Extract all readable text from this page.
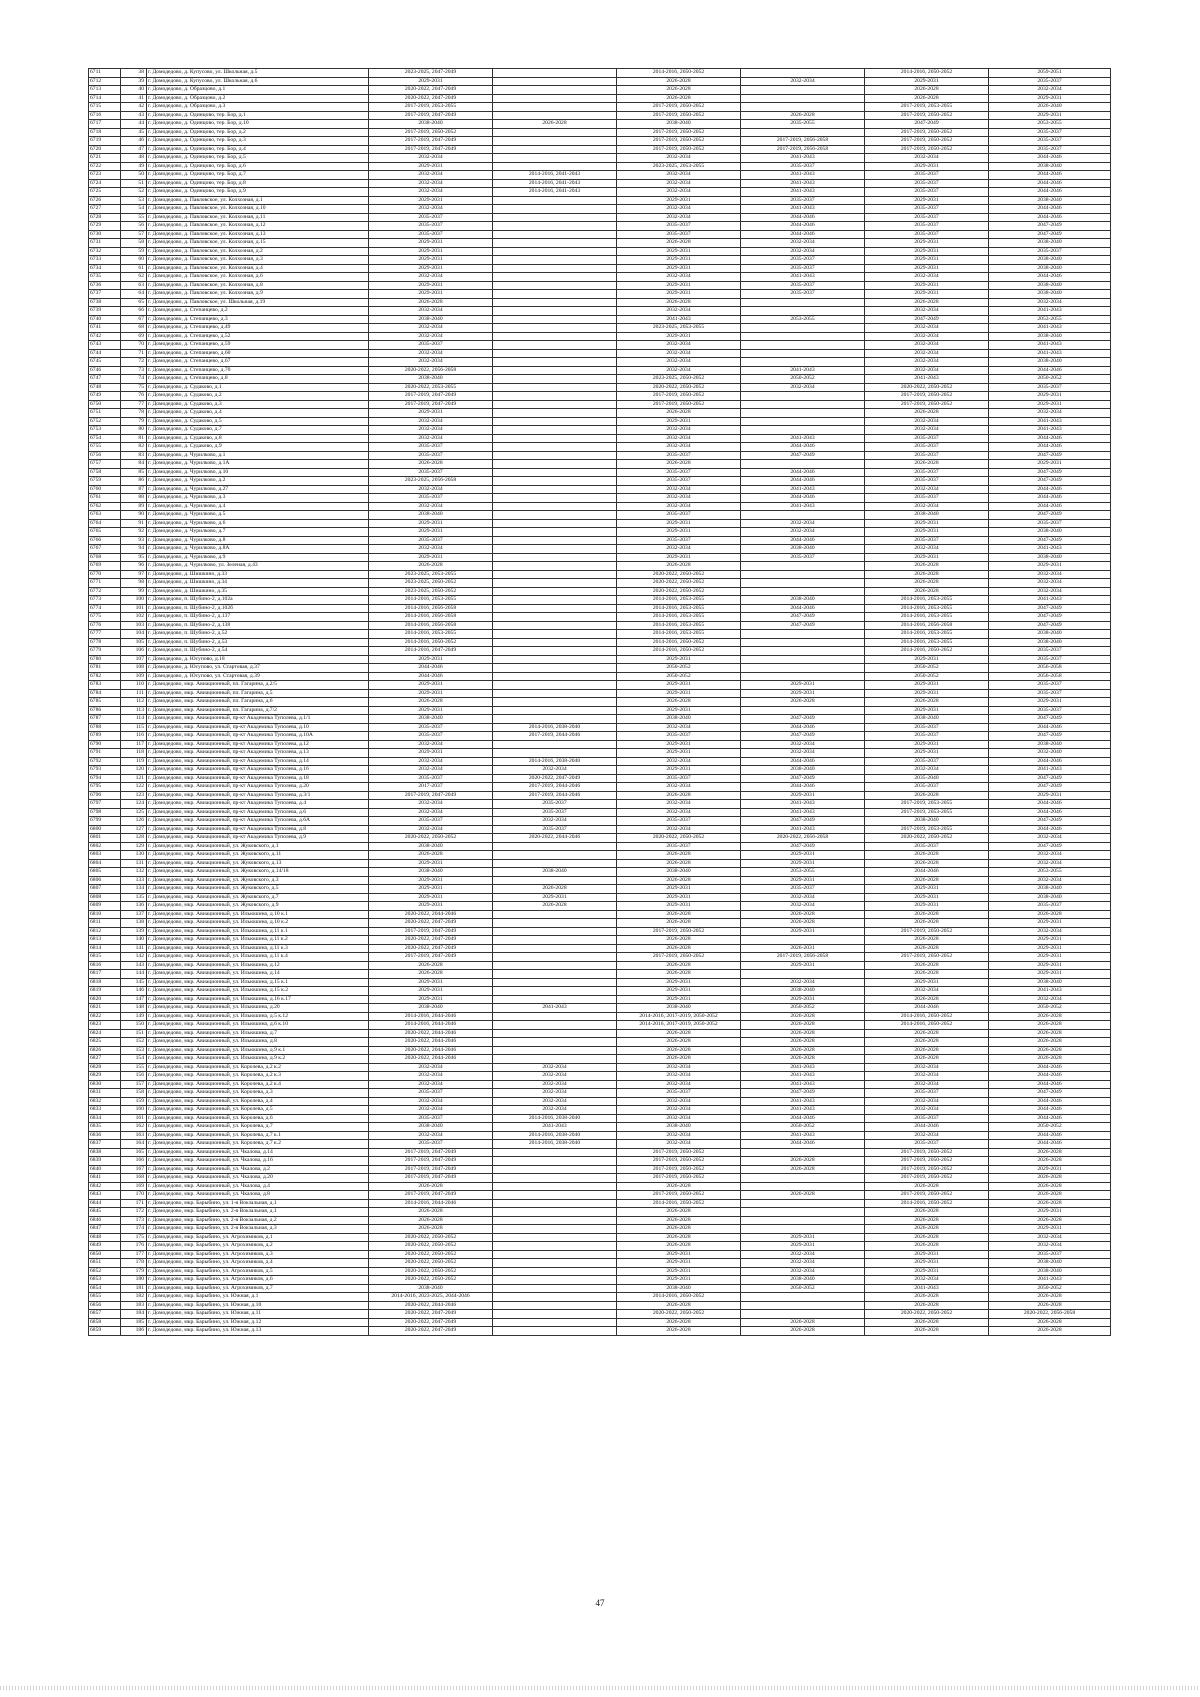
6711	38	г. Домодедово, д. Купусово, ул. Школьная, д.5	2023-2025, 2047-2049		2014-2016, 2050-2052		2014-2016, 2050-2052	2059-2051
6712	39	г. Домодедово, д. Купусово, ул. Школьная, д.6	2029-2031		2026-2028	2032-2034	2029-2031	2035-2037
6713	40	г. Домодедово, д. Образцово, д.1	2020-2022, 2047-2049		2026-2028		2026-2028	2032-2034
6714	41	г. Домодедово, д. Образцово, д.2	2020-2022, 2047-2049		2026-2028		2026-2028	2029-2031
6715	42	г. Домодедово, д. Образцово, д.3	2017-2019, 2053-2055		2017-2019, 2050-2052		2017-2019, 2053-2055	2026-2040
6716	43	г. Домодедово, д. Одинцово, тер. Бор, д.1	2017-2019, 2047-2049		2017-2019, 2050-2052	2026-2028	2017-2019, 2050-2052	2029-2031
6717	44	г. Домодедово, д. Одинцово, тер. Бор, д.10	2038-2040	2026-2028	2038-2040	2035-2055	2047-2049	2053-2055
6718	45	г. Домодедово, д. Одинцово, тер. Бор, д.2	2017-2019, 2050-2052		2017-2019, 2050-2052		2017-2019, 2050-2052	2035-2037
6719	46	г. Домодедово, д. Одинцово, тер. Бор, д.3	2017-2019, 2047-2049		2017-2019, 2050-2052	2017-2019, 2056-2058	2017-2019, 2050-2052	2035-2037
6720	47	г. Домодедово, д. Одинцово, тер. Бор, д.4	2017-2019, 2047-2049		2017-2019, 2050-2052	2017-2019, 2056-2058	2017-2019, 2050-2052	2035-2037
6721	48	г. Домодедово, д. Одинцово, тер. Бор, д.5	2032-2034		2032-2034	2041-2043	2032-2034	2044-2046
6722	49	г. Домодедово, д. Одинцово, тер. Бор, д.6	2029-2031		2023-2025, 2053-2055	2035-2037	2029-2031	2038-2040
6723	50	г. Домодедово, д. Одинцово, тер. Бор, д.7	2032-2034	2014-2016, 2041-2043	2032-2034	2041-2043	2035-2037	2044-2046
6724	51	г. Домодедово, д. Одинцово, тер. Бор, д.8	2032-2034	2014-2016, 2041-2043	2032-2034	2041-2043	2035-2037	2044-2046
6725	52	г. Домодедово, д. Одинцово, тер. Бор, д.9	2032-2034	2014-2016, 2041-2043	2032-2034	2041-2043	2035-2037	2044-2046
6726	53	г. Домодедово, д. Павловское, ул. Колхозная, д.1	2029-2031		2029-2031	2035-2037	2029-2031	2038-2040
6727	54	г. Домодедово, д. Павловское, ул. Колхозная, д.10	2032-2034		2032-2034	2041-2043	2035-2037	2044-2046
6728	55	г. Домодедово, д. Павловское, ул. Колхозная, д.11	2035-2037		2032-2034	2044-2046	2035-2037	2044-2046
6729	56	г. Домодедово, д. Павловское, ул. Колхозная, д.12	2035-2037		2035-2037	2044-2046	2035-2037	2047-2049
6730	57	г. Домодедово, д. Павловское, ул. Колхозная, д.13	2035-2037		2035-2037	2044-2046	2035-2037	2047-2049
6731	58	г. Домодедово, д. Павловское, ул. Колхозная, д.15	2029-2031		2026-2028	2032-2034	2029-2031	2038-2040
6732	59	г. Домодедово, д. Павловское, ул. Колхозная, д.2	2029-2031		2029-2031	2032-2034	2029-2031	2035-2037
6733	60	г. Домодедово, д. Павловское, ул. Колхозная, д.3	2029-2031		2029-2031	2035-2037	2029-2031	2038-2040
6734	61	г. Домодедово, д. Павловское, ул. Колхозная, д.4	2029-2031		2029-2031	2035-2037	2029-2031	2038-2040
6735	62	г. Домодедово, д. Павловское, ул. Колхозная, д.6	2032-2034		2032-2034	2041-2043	2032-2034	2044-2046
6736	63	г. Домодедово, д. Павловское, ул. Колхозная, д.8	2029-2031		2029-2031	2035-2037	2029-2031	2038-2040
6737	64	г. Домодедово, д. Павловское, ул. Колхозная, д.9	2029-2031		2029-2031	2035-2037	2029-2031	2038-2040
6738	65	г. Домодедово, д. Павловское, ул. Школьная, д.19	2026-2028		2026-2028		2026-2028	2032-2034
6739	66	г. Домодедово, д. Степанцево, д.2	2032-2034		2032-2034		2032-2034	2041-2043
6740	67	г. Домодедово, д. Степанцево, д.3	2038-2040		2041-2043	2053-2055	2047-2049	2053-2055
6741	68	г. Домодедово, д. Степанцево, д.49	2032-2034		2023-2025, 2053-2055		2032-2034	2041-2043
6742	69	г. Домодедово, д. Степанцево, д.52	2032-2034		2029-2031		2032-2034	2038-2040
6743	70	г. Домодедово, д. Степанцево, д.59	2035-2037		2032-2034		2032-2034	2041-2043
6744	71	г. Домодедово, д. Степанцево, д.60	2032-2034		2032-2034		2032-2034	2041-2043
6745	72	г. Домодедово, д. Степанцево, д.67	2032-2034		2032-2034		2032-2034	2038-2040
6746	73	г. Домодедово, д. Степанцево, д.70	2020-2022, 2056-2058		2032-2034	2041-2043	2032-2034	2044-2046
6747	74	г. Домодедово, д. Степанцево, д.8	2038-2040		2023-2025, 2050-2052	2050-2052	2041-2043	2050-2052
6748	75	г. Домодедово, д. Судаково, д.1	2020-2022, 2053-2055		2020-2022, 2050-2052	2032-2034	2020-2022, 2050-2052	2035-2037
6749	76	г. Домодедово, д. Судаково, д.2	2017-2019, 2047-2049		2017-2019, 2050-2052		2017-2019, 2050-2052	2029-2031
6750	77	г. Домодедово, д. Судаково, д.3	2017-2019, 2047-2049		2017-2019, 2050-2052		2017-2019, 2050-2052	2029-2031
6751	78	г. Домодедово, д. Судаково, д.4	2029-2031		2026-2028		2026-2028	2032-2034
6752	79	г. Домодедово, д. Судаково, д.5	2032-2034		2029-2031		2032-2034	2041-2043
6753	80	г. Домодедово, д. Судаково, д.7	2032-2034		2032-2034		2032-2034	2041-2043
6754	81	г. Домодедово, д. Судаково, д.8	2032-2034		2032-2034	2041-2043	2035-2037	2044-2046
6755	82	г. Домодедово, д. Судаково, д.9	2035-2037		2032-2034	2044-2046	2035-2037	2044-2046
6756	83	г. Домодедово, д. Чурилково, д.1	2035-2037		2035-2037	2047-2049	2035-2037	2047-2049
6757	84	г. Домодедово, д. Чурилково, д.1А	2026-2028		2026-2028		2026-2028	2029-2031
6758	85	г. Домодедово, д. Чурилково, д.10	2035-2037		2035-2037	2044-2046	2035-2037	2047-2049
6759	86	г. Домодедово, д. Чурилково, д.2	2023-2025, 2056-2058		2035-2037	2044-2046	2035-2037	2047-2049
6760	87	г. Домодедово, д. Чурилково, д.27	2032-2034		2032-2034	2041-2043	2032-2034	2044-2046
6761	88	г. Домодедово, д. Чурилково, д.3	2035-2037		2032-2034	2044-2046	2035-2037	2044-2046
6762	89	г. Домодедово, д. Чурилково, д.4	2032-2034		2032-2034	2041-2043	2032-2034	2044-2046
6763	90	г. Домодедово, д. Чурилково, д.5	2038-2040		2035-2037		2038-2040	2047-2049
6764	91	г. Домодедово, д. Чурилково, д.6	2029-2031		2029-2031	2032-2034	2029-2031	2035-2037
6765	92	г. Домодедово, д. Чурилково, д.7	2029-2031		2029-2031	2032-2034	2029-2031	2038-2040
6766	93	г. Домодедово, д. Чурилково, д.8	2035-2037		2035-2037	2044-2046	2035-2037	2047-2049
6767	94	г. Домодедово, д. Чурилково, д.8А	2032-2034		2032-2034	2038-2040	2032-2034	2041-2043
6768	95	г. Домодедово, д. Чурилково, д.9	2029-2031		2029-2031	2035-2037	2029-2031	2038-2040
6769	96	г. Домодедово, д. Чурилково, ул. Зеленая, д.43	2026-2028		2026-2028		2026-2028	2029-2031
6770	97	г. Домодедово, д. Шишкино, д.33	2023-2025, 2053-2055		2020-2022, 2050-2052		2026-2028	2032-2034
6771	98	г. Домодедово, д. Шишкино, д.34	2023-2025, 2050-2052		2020-2022, 2050-2052		2026-2028	2032-2034
6772	99	г. Домодедово, д. Шишкино, д.35	2023-2025, 2050-2052		2020-2022, 2050-2052		2026-2028	2032-2034
6773	100	г. Домодедово, п. Шубино-2, д.102а	2014-2016, 2053-2055		2014-2016, 2053-2055	2038-2040	2014-2016, 2053-2055	2041-2043
6774	101	г. Домодедово, п. Шубино-2, д.102б	2014-2016, 2056-2058		2014-2016, 2053-2055	2044-2046	2014-2016, 2053-2055	2047-2049
6775	102	г. Домодедово, п. Шубино-2, д.137	2014-2016, 2056-2058		2014-2016, 2053-2055	2047-2049	2014-2016, 2053-2055	2047-2049
6776	103	г. Домодедово, п. Шубино-2, д.138	2014-2016, 2056-2058		2014-2016, 2053-2055	2047-2049	2014-2016, 2056-2058	2047-2049
6777	104	г. Домодедово, п. Шубино-2, д.52	2014-2016, 2053-2055		2014-2016, 2053-2055		2014-2016, 2053-2055	2038-2040
6778	105	г. Домодедово, п. Шубино-2, д.53	2014-2016, 2050-2052		2014-2016, 2050-2052		2014-2016, 2053-2055	2038-2040
6779	106	г. Домодедово, п. Шубино-2, д.54	2014-2016, 2047-2049		2014-2016, 2050-2052		2014-2016, 2050-2052	2035-2037
6780	107	г. Домодедово, д. Юсупово, д.18	2029-2031		2029-2031		2029-2031	2035-2037
6781	108	г. Домодедово, д. Юсупово, ул. Стартовая, д.37	2044-2046		2050-2052		2050-2052	2056-2058
6782	109	г. Домодедово, д. Юсупово, ул. Стартовая, д.39	2044-2046		2050-2052		2050-2052	2056-2058
6783	110	г. Домодедово, мкр. Авиационный, пл. Гагарина, д.2/5	2029-2031		2029-2031	2029-2031	2029-2031	2035-2037
6784	111	г. Домодедово, мкр. Авиационный, пл. Гагарина, д.5	2029-2031		2029-2031	2029-2031	2029-2031	2035-2037
6785	112	г. Домодедово, мкр. Авиационный, пл. Гагарина, д.6	2026-2028		2026-2028	2026-2028	2026-2028	2029-2031
6786	113	г. Домодедово, мкр. Авиационный, пл. Гагарина, д.7/2	2029-2031		2029-2031		2029-2031	2035-2037
6787	114	г. Домодедово, мкр. Авиационный, пр-кт Академика Туполева, д.1/1	2038-2040		2038-2040	2047-2049	2038-2040	2047-2049
6788	115	г. Домодедово, мкр. Авиационный, пр-кт Академика Туполева, д.10	2035-2037	2014-2016, 2038-2040	2032-2034	2044-2046	2035-2037	2044-2046
6789	116	г. Домодедово, мкр. Авиационный, пр-кт Академика Туполева, д.10А	2035-2037	2017-2019, 2044-2046	2035-2037	2047-2049	2035-2037	2047-2049
6790	117	г. Домодедово, мкр. Авиационный, пр-кт Академика Туполева, д.12	2032-2034		2029-2031	2032-2034	2029-2031	2038-2040
6791	118	г. Домодедово, мкр. Авиационный, пр-кт Академика Туполева, д.13	2029-2031		2029-2031	2032-2034	2029-2031	2032-2040
6792	119	г. Домодедово, мкр. Авиационный, пр-кт Академика Туполева, д.14	2032-2034	2014-2016, 2038-2040	2032-2034	2044-2046	2035-2037	2044-2046
6793	120	г. Домодедово, мкр. Авиационный, пр-кт Академика Туполева, д.16	2032-2034	2032-2034	2029-2031	2038-2040	2032-2034	2041-2043
6794	121	г. Домодедово, мкр. Авиационный, пр-кт Академика Туполева, д.18	2035-2037	2020-2022, 2047-2049	2035-2037	2047-2049	2035-2040	2047-2049
6795	122	г. Домодедово, мкр. Авиационный, пр-кт Академика Туполева, д.20	2017-2037	2017-2019, 2044-2046	2032-2034	2044-2046	2035-2037	2047-2049
6796	123	г. Домодедово, мкр. Авиационный, пр-кт Академика Туполева, д.3/1	2017-2019, 2047-2049	2017-2019, 2044-2046	2026-2028	2029-2031	2026-2028	2029-2031
6797	124	г. Домодедово, мкр. Авиационный, пр-кт Академика Туполева, д.4	2032-2034	2035-2037	2032-2034	2041-2043	2017-2019, 2053-2055	2044-2046
6798	125	г. Домодедово, мкр. Авиационный, пр-кт Академика Туполева, д.6	2032-2034	2035-2037	2032-2034	2041-2043	2017-2019, 2053-2055	2044-2046
6799	126	г. Домодедово, мкр. Авиационный, пр-кт Академика Туполева, д.6А	2035-2037	2032-2034	2035-2037	2047-2049	2038-2040	2047-2049
6800	127	г. Домодедово, мкр. Авиационный, пр-кт Академика Туполева, д.8	2032-2034	2035-2037	2032-2034	2041-2043	2017-2019, 2053-2055	2044-2046
6801	128	г. Домодедово, мкр. Авиационный, пр-кт Академика Туполева, д.9	2020-2022, 2050-2052	2020-2022, 2044-2046	2020-2022, 2050-2052	2020-2022, 2056-2058	2020-2022, 2050-2052	2032-2034
6802	129	г. Домодедово, мкр. Авиационный, ул. Жуковского, д.1	2038-2040		2035-2037	2047-2049	2035-2037	2047-2049
6803	130	г. Домодедово, мкр. Авиационный, ул. Жуковского, д.11	2026-2028		2026-2028	2029-2031	2026-2028	2032-2034
6804	131	г. Домодедово, мкр. Авиационный, ул. Жуковского, д.13	2029-2031		2026-2028	2029-2031	2026-2028	2032-2034
6805	132	г. Домодедово, мкр. Авиационный, ул. Жуковского, д.14/18	2038-2040	2038-2040	2038-2040	2053-2055	2044-2046	2053-2055
6806	133	г. Домодедово, мкр. Авиационный, ул. Жуковского, д.3	2029-2031		2026-2028	2029-2031	2026-2028	2032-2034
6807	134	г. Домодедово, мкр. Авиационный, ул. Жуковского, д.5	2029-2031	2026-2028	2029-2031	2035-2037	2029-2031	2038-2040
6808	135	г. Домодедово, мкр. Авиационный, ул. Жуковского, д.7	2029-2031	2029-2031	2029-2031	2032-2034	2029-2031	2038-2040
6809	136	г. Домодедово, мкр. Авиационный, ул. Жуковского, д.9	2029-2031	2026-2028	2029-2031	2032-2034	2029-2031	2035-2037
6810	137	г. Домодедово, мкр. Авиационный, ул. Ильюшина, д.10 к.1	2020-2022, 2044-2046		2026-2028	2026-2028	2026-2028	2026-2028
6811	138	г. Домодедово, мкр. Авиационный, ул. Ильюшина, д.10 к.2	2020-2022, 2047-2049		2026-2028	2026-2028	2026-2028	2029-2031
6812	139	г. Домодедово, мкр. Авиационный, ул. Ильюшина, д.11 к.1	2017-2019, 2047-2049		2017-2019, 2050-2052	2029-2031	2017-2019, 2050-2052	2032-2034
6813	140	г. Домодедово, мкр. Авиационный, ул. Ильюшина, д.11 к.2	2020-2022, 2047-2049		2026-2028		2026-2028	2029-2031
6814	141	г. Домодедово, мкр. Авиационный, ул. Ильюшина, д.11 к.3	2020-2022, 2047-2049		2026-2028	2026-2031	2026-2028	2029-2031
6815	142	г. Домодедово, мкр. Авиационный, ул. Ильюшина, д.11 к.4	2017-2019, 2047-2049		2017-2019, 2050-2052	2017-2019, 2056-2058	2017-2019, 2050-2052	2029-2031
6816	143	г. Домодедово, мкр. Авиационный, ул. Ильюшина, д.12	2026-2028		2026-2028	2029-2031	2026-2028	2029-2031
6817	144	г. Домодедово, мкр. Авиационный, ул. Ильюшина, д.14	2026-2028		2026-2028		2026-2028	2029-2031
6818	145	г. Домодедово, мкр. Авиационный, ул. Ильюшина, д.15 к.1	2029-2031		2029-2031	2032-2034	2029-2031	2038-2040
6819	146	г. Домодедово, мкр. Авиационный, ул. Ильюшина, д.15 к.2	2029-2031		2029-2031	2038-2040	2032-2034	2041-2043
6820	147	г. Домодедово, мкр. Авиационный, ул. Ильюшина, д.16 к.17	2029-2031		2029-2031	2029-2031	2026-2028	2032-2034
6821	148	г. Домодедово, мкр. Авиационный, ул. Ильюшина, д.20	2038-2040	2041-2043	2038-2040	2050-2052	2044-2046	2050-2052
6822	149	г. Домодедово, мкр. Авиационный, ул. Ильюшина, д.5 к.12	2014-2016, 2044-2046		2014-2016, 2017-2019, 2050-2052	2026-2028	2014-2016, 2050-2052	2026-2028
6823	150	г. Домодедово, мкр. Авиационный, ул. Ильюшина, д.6 к.10	2014-2016, 2044-2046		2014-2016, 2017-2019, 2050-2052	2026-2028	2014-2016, 2050-2052	2026-2028
6824	151	г. Домодедово, мкр. Авиационный, ул. Ильюшина, д.7	2020-2022, 2044-2046		2026-2028	2026-2028	2026-2028	2026-2028
6825	152	г. Домодедово, мкр. Авиационный, ул. Ильюшина, д.8	2020-2022, 2044-2046		2026-2028	2026-2028	2026-2028	2026-2028
6826	153	г. Домодедово, мкр. Авиационный, ул. Ильюшина, д.9 к.1	2020-2022, 2044-2046		2026-2028	2026-2028	2026-2028	2026-2028
6827	154	г. Домодедово, мкр. Авиационный, ул. Ильюшина, д.9 к.2	2020-2022, 2044-2046		2026-2028	2026-2028	2026-2028	2026-2028
6828	155	г. Домодедово, мкр. Авиационный, ул. Королева, д.2 к.2	2032-2034	2032-2034	2032-2034	2041-2043	2032-2034	2044-2046
6829	156	г. Домодедово, мкр. Авиационный, ул. Королева, д.2 к.3	2032-2034	2032-2034	2032-2034	2041-2043	2032-2034	2044-2046
6830	157	г. Домодедово, мкр. Авиационный, ул. Королева, д.2 к.4	2032-2034	2032-2034	2032-2034	2041-2043	2032-2034	2044-2046
6831	158	г. Домодедово, мкр. Авиационный, ул. Королева, д.3	2035-2037	2032-2034	2035-2037	2047-2049	2035-2037	2047-2049
6832	159	г. Домодедово, мкр. Авиационный, ул. Королева, д.4	2032-2034	2032-2034	2032-2034	2041-2043	2032-2034	2044-2046
6833	160	г. Домодедово, мкр. Авиационный, ул. Королева, д.5	2032-2034	2032-2034	2032-2034	2041-2043	2032-2034	2044-2046
6834	161	г. Домодедово, мкр. Авиационный, ул. Королева, д.6	2035-2037	2014-2016, 2038-2040	2032-2034	2044-2046	2035-2037	2044-2046
6835	162	г. Домодедово, мкр. Авиационный, ул. Королева, д.7	2038-2040	2041-2043	2038-2040	2050-2052	2044-2046	2050-2052
6836	163	г. Домодедово, мкр. Авиационный, ул. Королева, д.7 к.1	2032-2034	2014-2016, 2038-2040	2032-2034	2041-2043	2032-2034	2044-2046
6837	164	г. Домодедово, мкр. Авиационный, ул. Королева, д.7 к.2	2035-2037	2014-2016, 2038-2040	2032-2034	2044-2046	2035-2037	2044-2046
6838	165	г. Домодедово, мкр. Авиационный, ул. Чкалова, д.14	2017-2019, 2047-2049		2017-2019, 2050-2052		2017-2019, 2050-2052	2026-2028
6839	166	г. Домодедово, мкр. Авиационный, ул. Чкалова, д.16	2017-2019, 2047-2049		2017-2019, 2050-2052	2026-2028	2017-2019, 2050-2052	2026-2028
6840	167	г. Домодедово, мкр. Авиационный, ул. Чкалова, д.2	2017-2019, 2047-2049		2017-2019, 2050-2052	2026-2028	2017-2019, 2050-2052	2029-2031
6841	168	г. Домодедово, мкр. Авиационный, ул. Чкалова, д.20	2017-2019, 2047-2049		2017-2019, 2050-2052		2017-2019, 2050-2052	2026-2028
6842	169	г. Домодедово, мкр. Авиационный, ул. Чкалова, д.4	2026-2028		2026-2028		2026-2028	2026-2028
6843	170	г. Домодедово, мкр. Авиационный, ул. Чкалова, д.8	2017-2019, 2047-2049		2017-2019, 2050-2052	2026-2028	2017-2019, 2050-2052	2026-2028
6844	171	г. Домодедово, мкр. Барыбино, ул. 1-я Вокзальная, д.1	2014-2016, 2044-2046		2014-2016, 2050-2052		2014-2016, 2050-2052	2026-2028
6845	172	г. Домодедово, мкр. Барыбино, ул. 2-я Вокзальная, д.1	2026-2028		2026-2028		2026-2028	2029-2031
6846	173	г. Домодедово, мкр. Барыбино, ул. 2-я Вокзальная, д.2	2026-2028		2026-2028		2026-2028	2026-2028
6847	174	г. Домодедово, мкр. Барыбино, ул. 2-я Вокзальная, д.3	2026-2028		2026-2028		2026-2028	2029-2031
6848	175	г. Домодедово, мкр. Барыбино, ул. Агрохимиков, д.1	2020-2022, 2050-2052		2026-2028	2029-2031	2026-2028	2032-2034
6849	176	г. Домодедово, мкр. Барыбино, ул. Агрохимиков, д.2	2020-2022, 2050-2052		2026-2028	2029-2031	2026-2028	2032-2034
6850	177	г. Домодедово, мкр. Барыбино, ул. Агрохимиков, д.3	2020-2022, 2050-2052		2029-2031	2032-2034	2029-2031	2035-2037
6851	178	г. Домодедово, мкр. Барыбино, ул. Агрохимиков, д.4	2020-2022, 2050-2052		2029-2031	2032-2034	2029-2031	2038-2040
6852	179	г. Домодедово, мкр. Барыбино, ул. Агрохимиков, д.5	2020-2022, 2050-2052		2029-2031	2032-2034	2029-2031	2038-2040
6853	180	г. Домодедово, мкр. Барыбино, ул. Агрохимиков, д.6	2020-2022, 2050-2052		2029-2031	2038-2040	2032-2034	2041-2043
6854	181	г. Домодедово, мкр. Барыбино, ул. Агрохимиков, д.7	2038-2040		2038-2040	2050-2052	2041-2043	2050-2052
6855	182	г. Домодедово, мкр. Барыбино, ул. Южная, д.1	2014-2016, 2023-2025, 2044-2046		2014-2016, 2050-2052		2026-2028	2026-2028
6856	183	г. Домодедово, мкр. Барыбино, ул. Южная, д.10	2020-2022, 2044-2046		2026-2028		2026-2028	2026-2028
6857	184	г. Домодедово, мкр. Барыбино, ул. Южная, д.11	2020-2022, 2047-2049		2020-2022, 2050-2052		2020-2022, 2050-2052	2020-2022, 2056-2058
6858	185	г. Домодедово, мкр. Барыбино, ул. Южная, д.12	2020-2022, 2047-2049		2026-2028	2026-2028	2026-2028	2026-2028
6859	186	г. Домодедово, мкр. Барыбино, ул. Южная, д.13	2020-2022, 2047-2049		2026-2028	2026-2028	2026-2028	2026-2028
47
